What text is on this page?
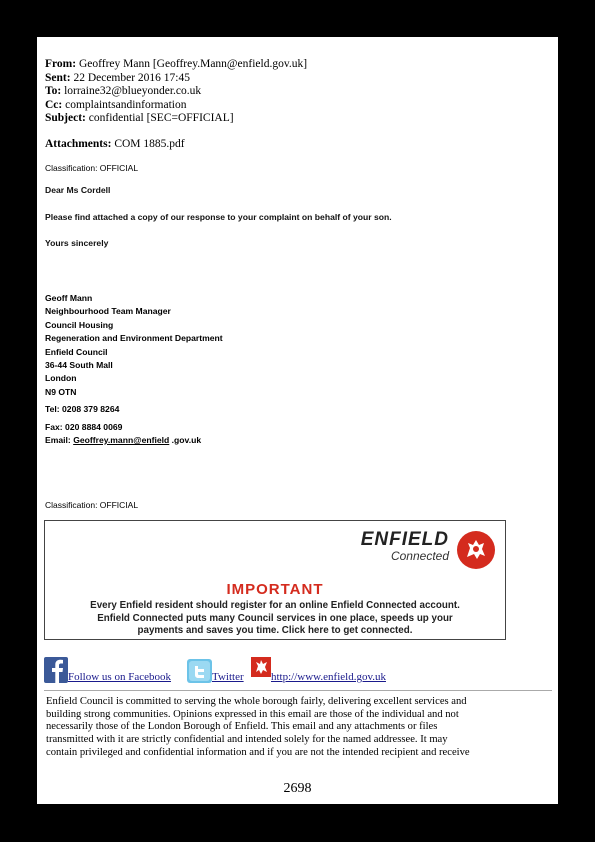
From: Geoffrey Mann [Geoffrey.Mann@enfield.gov.uk]
Sent: 22 December 2016 17:45
To: lorraine32@blueyonder.co.uk
Cc: complaintsandinformation
Subject: confidential [SEC=OFFICIAL]
Attachments: COM 1885.pdf
Classification: OFFICIAL
Dear Ms Cordell
Please find attached a copy of our response to your complaint on behalf of your son.
Yours sincerely
Geoff Mann
Neighbourhood Team Manager
Council Housing
Regeneration and Environment Department
Enfield Council
36-44 South Mall
London
N9 OTN
Tel: 0208 379 8264
Fax: 020 8884 0069
Email: Geoffrey.mann@enfield .gov.uk
Classification: OFFICIAL
ENFIELD
Connected
IMPORTANT
Every Enfield resident should register for an online Enfield Connected account.
Enfield Connected puts many Council services in one place, speeds up your
payments and saves you time. Click here to get connected.
Follow us on Facebook	Twitter http://www.enfield.gov.uk
Enfield Council is committed to serving the whole borough fairly, delivering excellent services and
building strong communities. Opinions expressed in this email are those of the individual and not
necessarily those of the London Borough of Enfield. This email and any attachments or files
transmitted with it are strictly confidential and intended solely for the named addressee. It may
contain privileged and confidential information and if you are not the intended recipient and receive
2698
